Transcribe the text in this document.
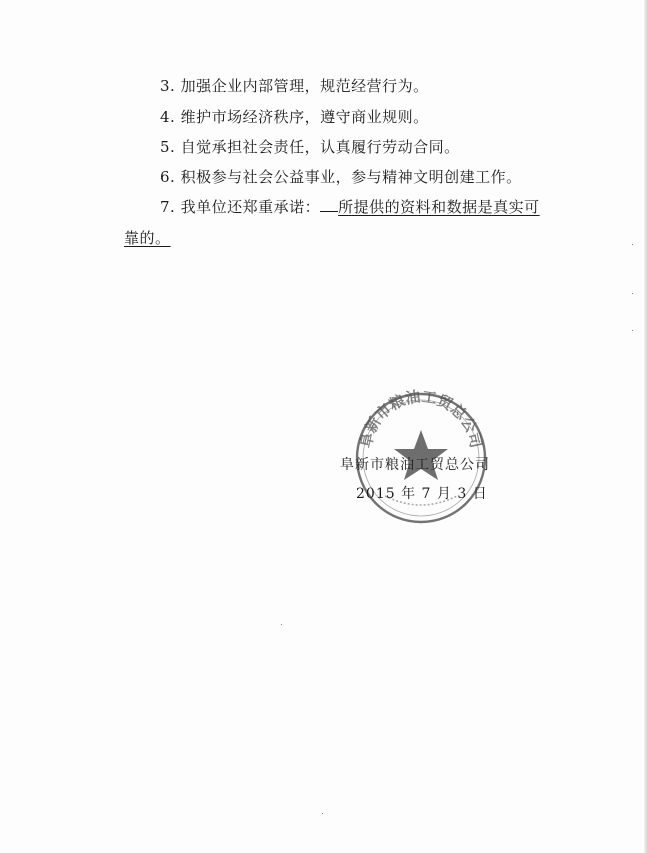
3. 加强企业内部管理，规范经营行为。
4. 维护市场经济秩序，遵守商业规则。
5. 自觉承担社会责任，认真履行劳动合同。
6. 积极参与社会公益事业，参与精神文明创建工作。
7. 我单位还郑重承诺： 所提供的资料和数据是真实可
靠的。
阜新市粮油工贸总公司
阜新市粮油工贸总公司
2015 年 7 月 3 日
